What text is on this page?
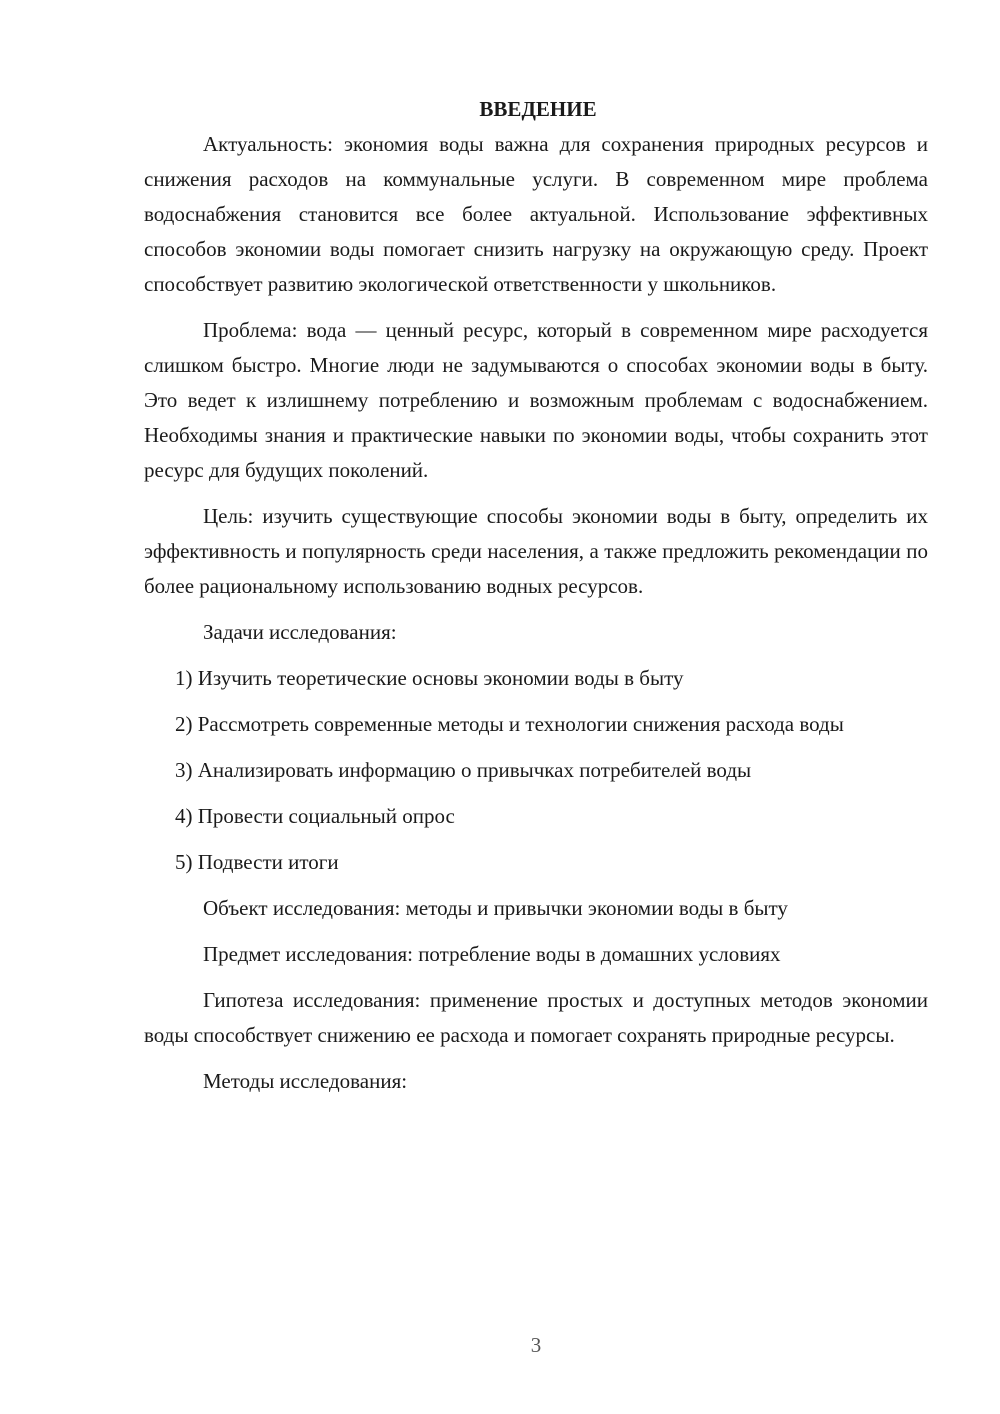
ВВЕДЕНИЕ

Актуальность: экономия воды важна для сохранения природных ресурсов и снижения расходов на коммунальные услуги. В современном мире проблема водоснабжения становится все более актуальной. Использование эффективных способов экономии воды помогает снизить нагрузку на окружающую среду. Проект способствует развитию экологической ответственности у школьников.

Проблема: вода — ценный ресурс, который в современном мире расходуется слишком быстро. Многие люди не задумываются о способах экономии воды в быту. Это ведет к излишнему потреблению и возможным проблемам с водоснабжением. Необходимы знания и практические навыки по экономии воды, чтобы сохранить этот ресурс для будущих поколений.

Цель: изучить существующие способы экономии воды в быту, определить их эффективность и популярность среди населения, а также предложить рекомендации по более рациональному использованию водных ресурсов.

Задачи исследования:

1) Изучить теоретические основы экономии воды в быту

2) Рассмотреть современные методы и технологии снижения расхода воды

3) Анализировать информацию о привычках потребителей воды

4) Провести социальный опрос

5) Подвести итоги

Объект исследования: методы и привычки экономии воды в быту

Предмет исследования: потребление воды в домашних условиях

Гипотеза исследования: применение простых и доступных методов экономии воды способствует снижению ее расхода и помогает сохранять природные ресурсы.

Методы исследования:

3
